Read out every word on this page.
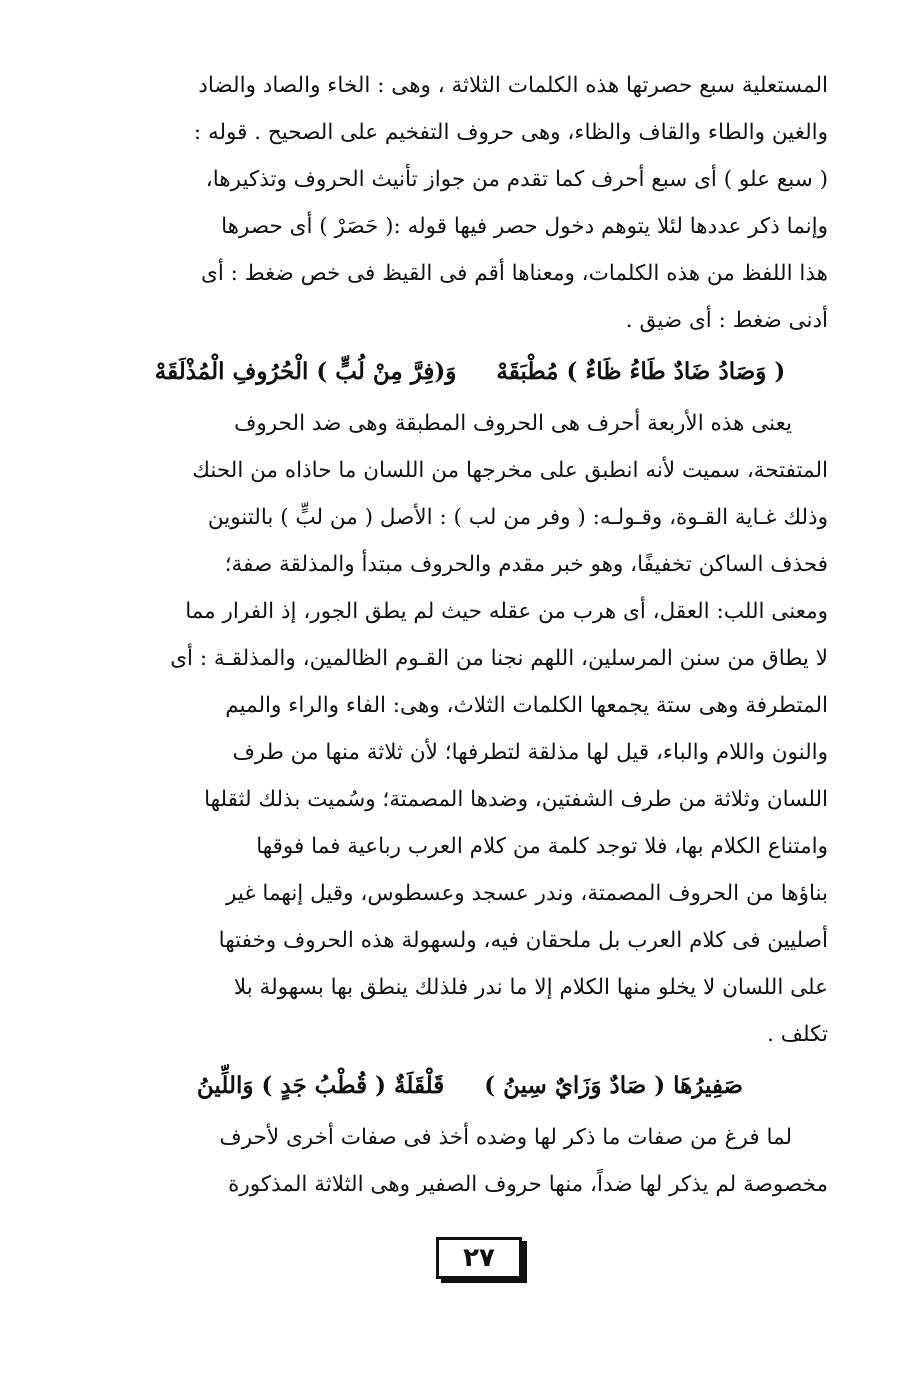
المستعلية سبع حصرتها هذه الكلمات الثلاثة ، وهى : الخاء والصاد والضاد
والغين والطاء والقاف والظاء، وهى حروف التفخيم على الصحيح . قوله :
( سبع علو ) أى سبع أحرف كما تقدم من جواز تأنيث الحروف وتذكيرها،
وإنما ذكر عددها لئلا يتوهم دخول حصر فيها قوله :( حَصَرْ ) أى حصرها
هذا اللفظ من هذه الكلمات، ومعناها أقم فى القيظ فى خص ضغط : أى
أدنى ضغط : أى ضيق .
( وَصَادُ ضَادٌ طَاءُ ظَاءٌ ) مُطْبَقَهْوَ(فِرَّ مِنْ لُبٍّ ) الْحُرُوفِ الْمُذْلَقَهْ
يعنى هذه الأربعة أحرف هى الحروف المطبقة وهى ضد الحروف
المتفتحة، سميت لأنه انطبق على مخرجها من اللسان ما حاذاه من الحنك
وذلك غـاية القـوة، وقـولـه: ( وفر من لب ) : الأصل ( من لبٍّ ) بالتنوين
فحذف الساكن تخفيفًا، وهو خبر مقدم والحروف مبتدأ والمذلقة صفة؛
ومعنى اللب: العقل، أى هرب من عقله حيث لم يطق الجور، إذ الفرار مما
لا يطاق من سنن المرسلين، اللهم نجنا من القـوم الظالمين، والمذلقـة : أى
المتطرفة وهى ستة يجمعها الكلمات الثلاث، وهى: الفاء والراء والميم
والنون واللام والباء، قيل لها مذلقة لتطرفها؛ لأن ثلاثة منها من طرف
اللسان وثلاثة من طرف الشفتين، وضدها المصمتة؛ وسُميت بذلك لثقلها
وامتناع الكلام بها، فلا توجد كلمة من كلام العرب رباعية فما فوقها
بناؤها من الحروف المصمتة، وندر عسجد وعسطوس، وقيل إنهما غير
أصليين فى كلام العرب بل ملحقان فيه، ولسهولة هذه الحروف وخفتها
على اللسان لا يخلو منها الكلام إلا ما ندر فلذلك ينطق بها بسهولة بلا
تكلف .
صَفِيرُهَا ( صَادٌ وَزَايٌ سِينُ )قَلْقَلَةٌ ( قُطْبُ جَدٍ ) وَاللِّينُ
لما فرغ من صفات ما ذكر لها وضده أخذ فى صفات أخرى لأحرف
مخصوصة لم يذكر لها ضداً، منها حروف الصفير وهى الثلاثة المذكورة
٢٧
